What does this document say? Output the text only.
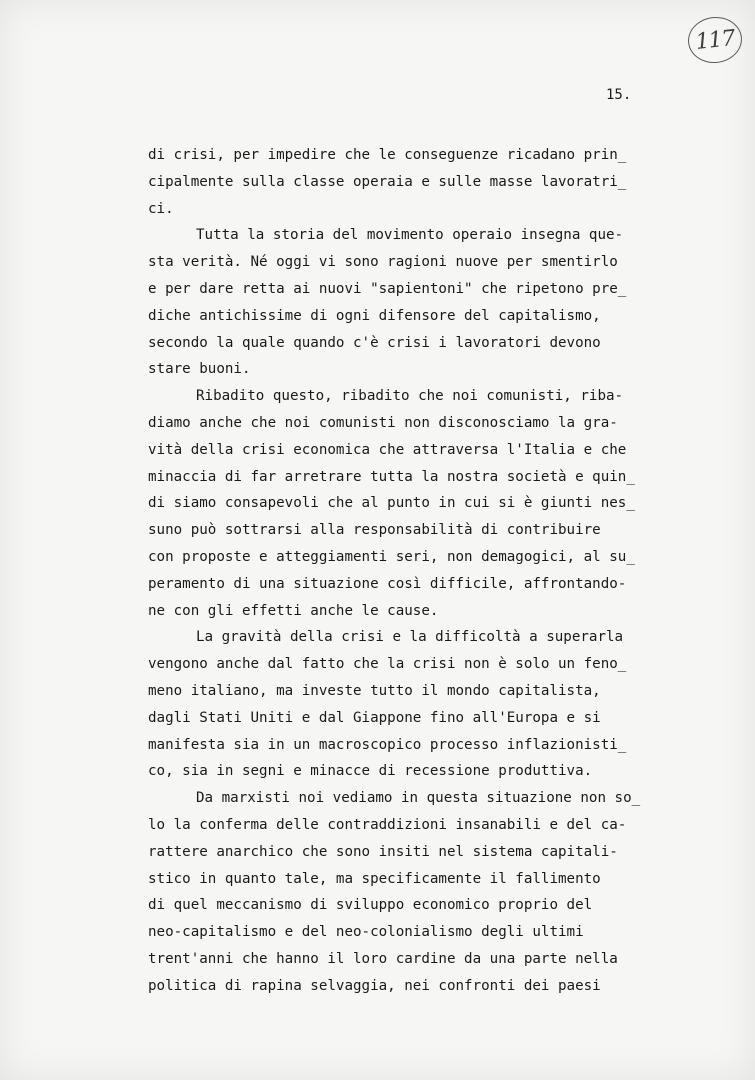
117
15.
di crisi, per impedire che le conseguenze ricadano prin_
cipalmente sulla classe operaia e sulle masse lavoratri_
ci.
Tutta la storia del movimento operaio insegna que-
sta verità. Né oggi vi sono ragioni nuove per smentirlo
e per dare retta ai nuovi "sapientoni" che ripetono pre_
diche antichissime di ogni difensore del capitalismo,
secondo la quale quando c'è crisi i lavoratori devono
stare buoni.
Ribadito questo, ribadito che noi comunisti, riba-
diamo anche che noi comunisti non disconosciamo la gra-
vità della crisi economica che attraversa l'Italia e che
minaccia di far arretrare tutta la nostra società e quin_
di siamo consapevoli che al punto in cui si è giunti nes_
suno può sottrarsi alla responsabilità di contribuire
con proposte e atteggiamenti seri, non demagogici, al su_
peramento di una situazione così difficile, affrontando-
ne con gli effetti anche le cause.
La gravità della crisi e la difficoltà a superarla
vengono anche dal fatto che la crisi non è solo un feno_
meno italiano, ma investe tutto il mondo capitalista,
dagli Stati Uniti e dal Giappone fino all'Europa e si
manifesta sia in un macroscopico processo inflazionisti_
co, sia in segni e minacce di recessione produttiva.
Da marxisti noi vediamo in questa situazione non so_
lo la conferma delle contraddizioni insanabili e del ca-
rattere anarchico che sono insiti nel sistema capitali-
stico in quanto tale, ma specificamente il fallimento
di quel meccanismo di sviluppo economico proprio del
neo-capitalismo e del neo-colonialismo degli ultimi
trent'anni che hanno il loro cardine da una parte nella
politica di rapina selvaggia, nei confronti dei paesi
